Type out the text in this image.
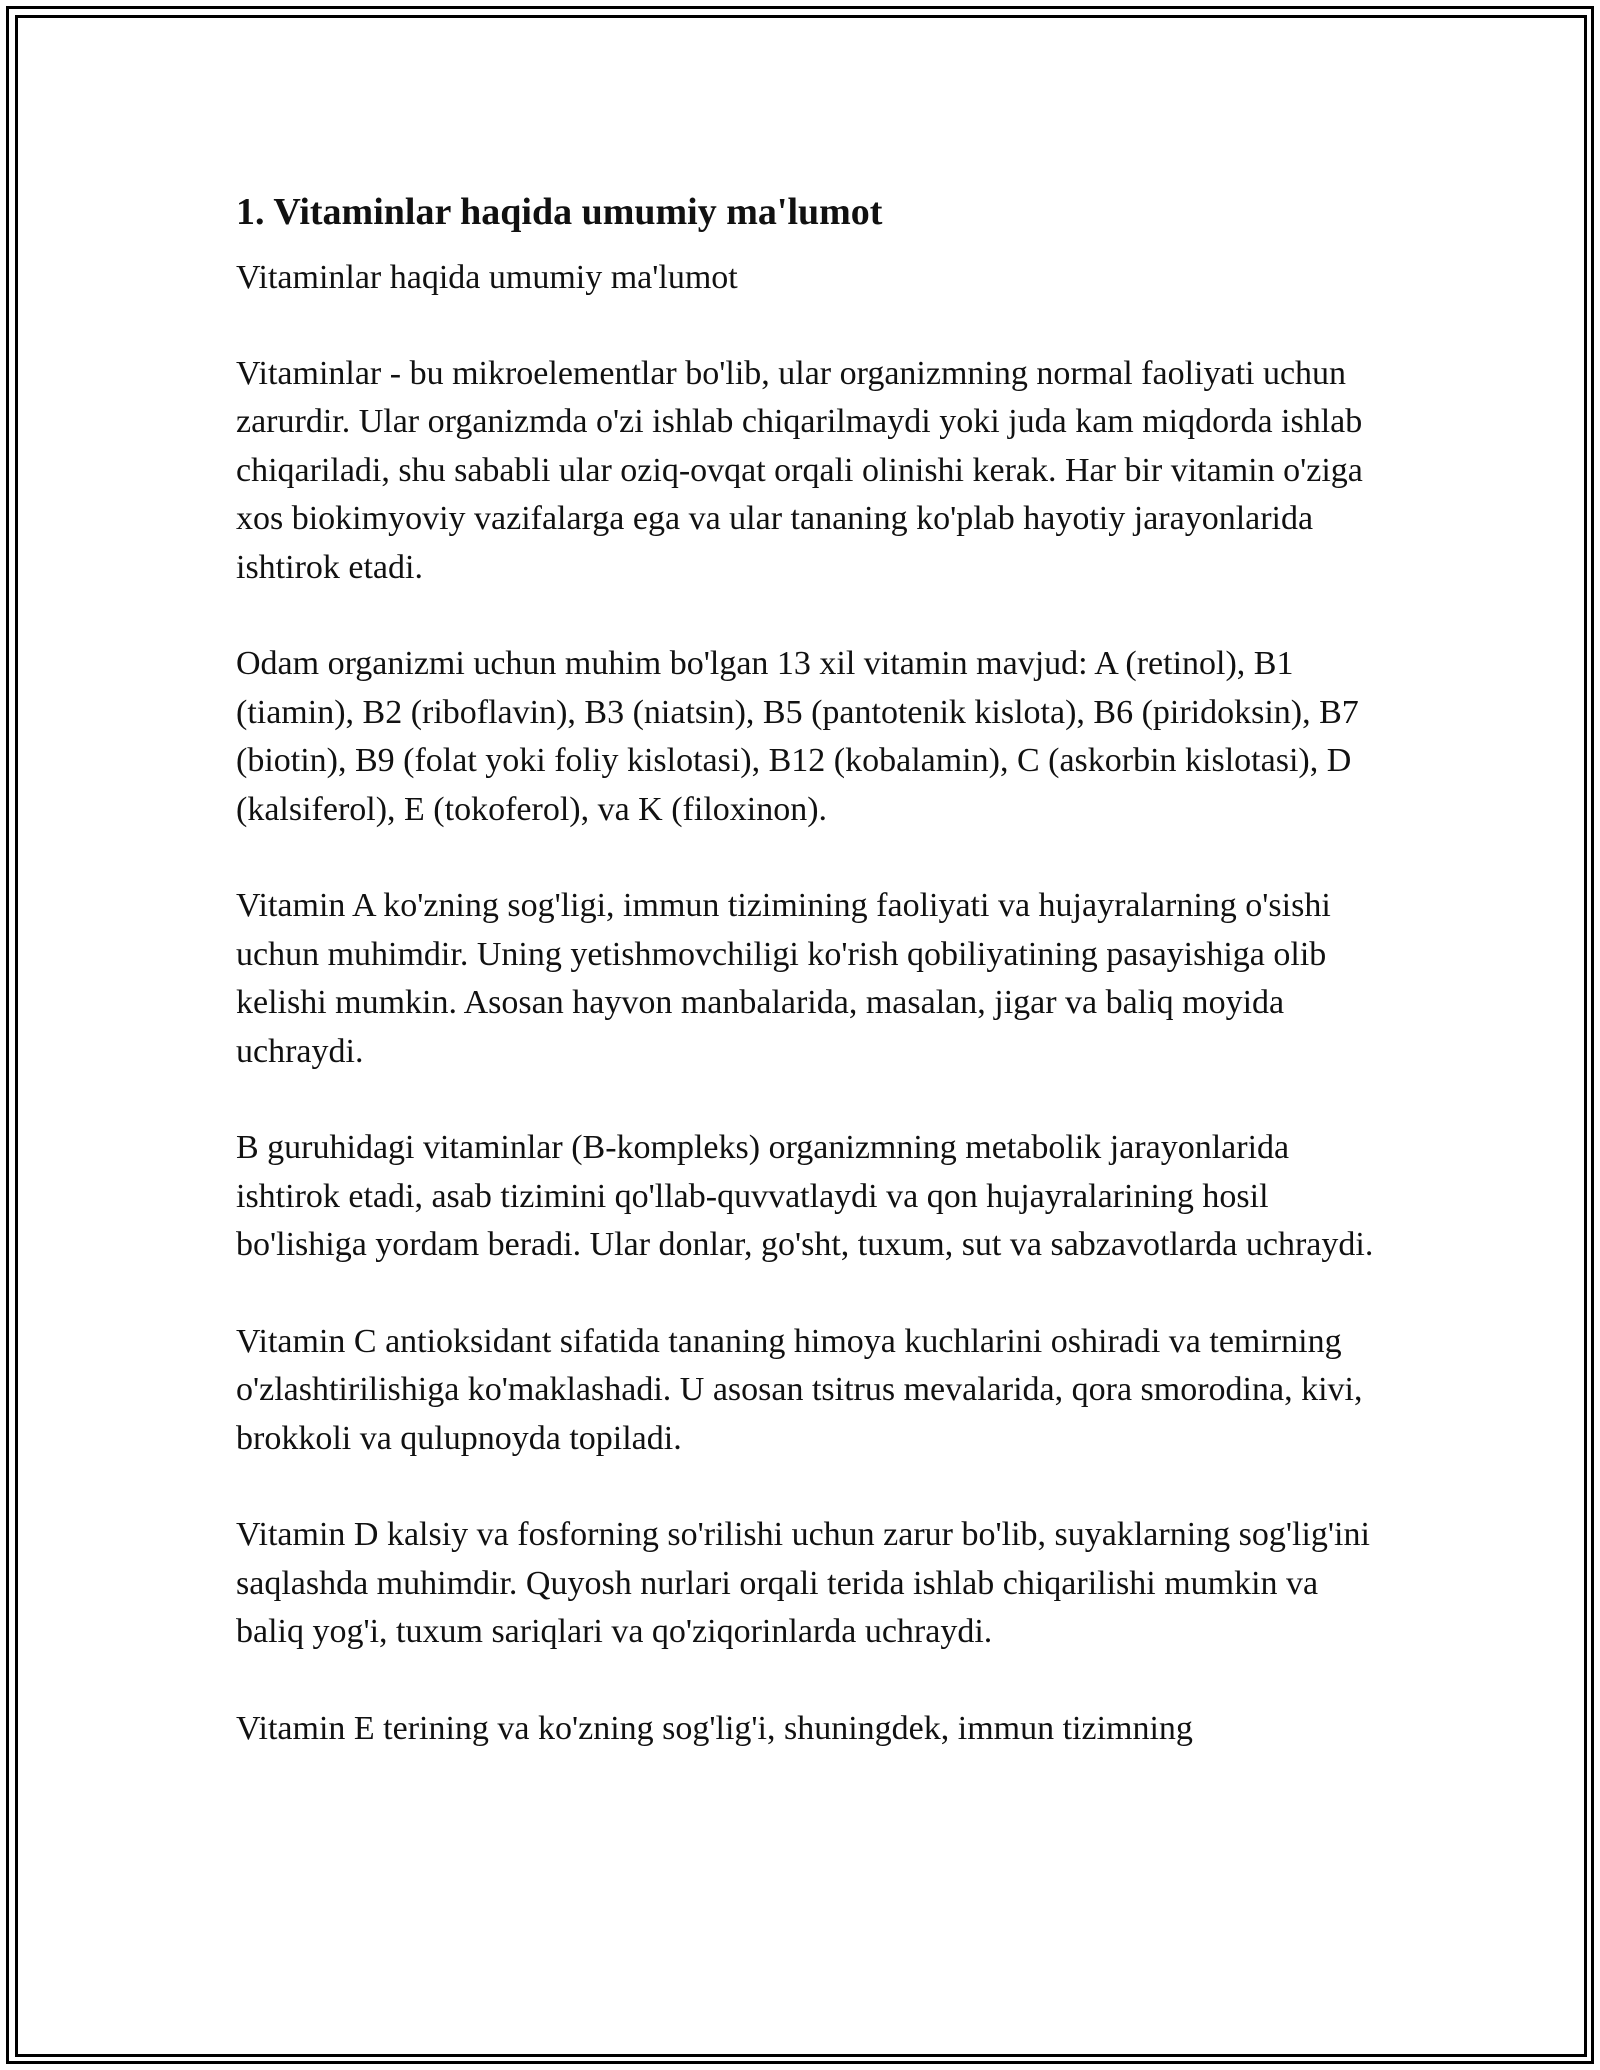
1. Vitaminlar haqida umumiy ma'lumot
Vitaminlar haqida umumiy ma'lumot

Vitaminlar - bu mikroelementlar bo'lib, ular organizmning normal faoliyati uchun zarurdir. Ular organizmda o'zi ishlab chiqarilmaydi yoki juda kam miqdorda ishlab chiqariladi, shu sababli ular oziq-ovqat orqali olinishi kerak. Har bir vitamin o'ziga xos biokimyoviy vazifalarga ega va ular tananing ko'plab hayotiy jarayonlarida ishtirok etadi.

Odam organizmi uchun muhim bo'lgan 13 xil vitamin mavjud: A (retinol), B1 (tiamin), B2 (riboflavin), B3 (niatsin), B5 (pantotenik kislota), B6 (piridoksin), B7 (biotin), B9 (folat yoki foliy kislotasi), B12 (kobalamin), C (askorbin kislotasi), D (kalsiferol), E (tokoferol), va K (filoxinon).

Vitamin A ko'zning sog'ligi, immun tizimining faoliyati va hujayralarning o'sishi uchun muhimdir. Uning yetishmovchiligi ko'rish qobiliyatining pasayishiga olib kelishi mumkin. Asosan hayvon manbalarida, masalan, jigar va baliq moyida uchraydi.

B guruhidagi vitaminlar (B-kompleks) organizmning metabolik jarayonlarida ishtirok etadi, asab tizimini qo'llab-quvvatlaydi va qon hujayralarining hosil bo'lishiga yordam beradi. Ular donlar, go'sht, tuxum, sut va sabzavotlarda uchraydi.

Vitamin C antioksidant sifatida tananing himoya kuchlarini oshiradi va temirning o'zlashtirilishiga ko'maklashadi. U asosan tsitrus mevalarida, qora smorodina, kivi, brokkoli va qulupnoyda topiladi.

Vitamin D kalsiy va fosforning so'rilishi uchun zarur bo'lib, suyaklarning sog'lig'ini saqlashda muhimdir. Quyosh nurlari orqali terida ishlab chiqarilishi mumkin va baliq yog'i, tuxum sariqlari va qo'ziqorinlarda uchraydi.

Vitamin E terining va ko'zning sog'lig'i, shuningdek, immun tizimning
